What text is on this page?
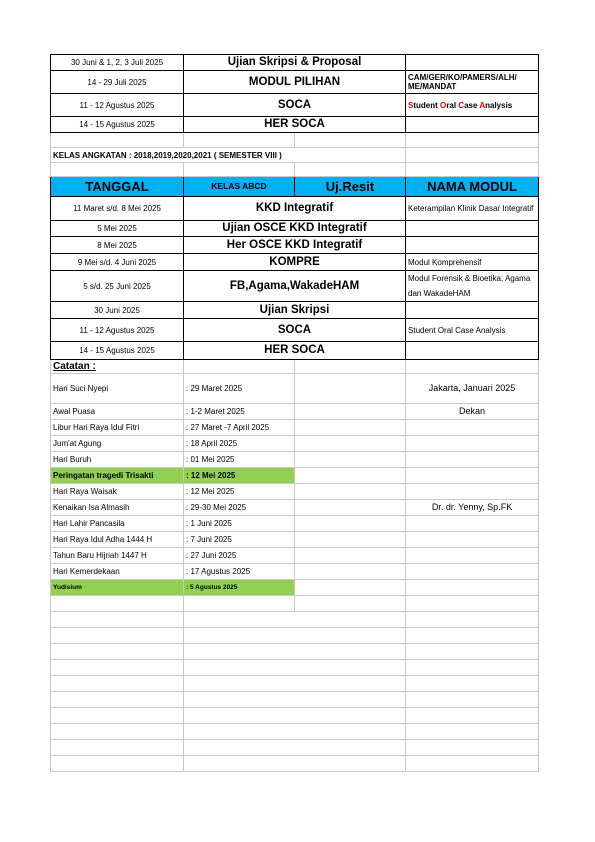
30 Juni & 1, 2, 3 Juli 2025	Ujian Skripsi & Proposal		
14 - 29 Juli 2025	MODUL PILIHAN		CAM/GER/KO/PAMERS/ALH/ ME/MANDAT
11 - 12 Agustus 2025	SOCA		Student Oral Case Analysis
14 - 15 Agustus 2025	HER SOCA		

KELAS ANGKATAN : 2018,2019,2020,2021 ( SEMESTER VIII )			

TANGGAL	KELAS ABCD	Uj.Resit	NAMA MODUL
11 Maret s/d. 8 Mei 2025	KKD Integratif		Keterampilan Klinik Dasar Integratif
5 Mei 2025	Ujian OSCE KKD Integratif		
8 Mei 2025	Her OSCE KKD Integratif		
9 Mei s/d. 4 Juni 2025	KOMPRE		Modul Komprehensif
5 s/d. 25 Juni 2025	FB,Agama,WakadeHAM		Modul Forensik & Bioetika, Agama dan WakadeHAM
30 Juni 2025	Ujian Skripsi		
11 - 12 Agustus 2025	SOCA		Student Oral Case Analysis
14 - 15 Agustus 2025	HER SOCA		
Catatan :			
Hari Suci Nyepi	: 29 Maret 2025		Jakarta, Januari 2025
Awal Puasa	: 1-2 Maret 2025		Dekan
Libur Hari Raya Idul Fitri	: 27 Maret -7 April 2025		
Jum'at Agung	: 18 April 2025		
Hari Buruh	: 01 Mei 2025		
Peringatan tragedi Trisakti	: 12 Mei 2025		
Hari Raya Waisak	: 12 Mei 2025		
Kenaikan Isa Almasih	: 29-30 Mei 2025		Dr. dr. Yenny, Sp.FK
Hari Lahir Pancasila	: 1 Juni 2025		
Hari Raya Idul Adha 1444 H	: 7 Juni 2025		
Tahun Baru Hijriah 1447 H	: 27 Juni 2025		
Hari Kemerdekaan	: 17 Agustus 2025		
Yudisium	: 5 Agustus 2025		
